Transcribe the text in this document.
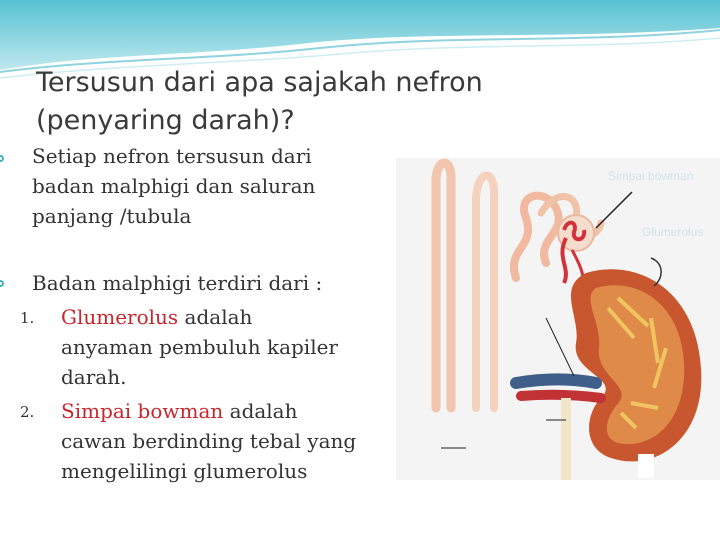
Tersusun dari apa sajakah nefron
(penyaring darah)?
Setiap nefron tersusun dari
badan malphigi dan saluran
panjang /tubula
Badan malphigi terdiri dari :
1. Glumerolus adalah
anyaman pembuluh kapiler
darah.
2. Simpai bowman adalah
cawan berdinding tebal yang
mengelilingi glumerolus
Simpai bowman
Glumerolus
